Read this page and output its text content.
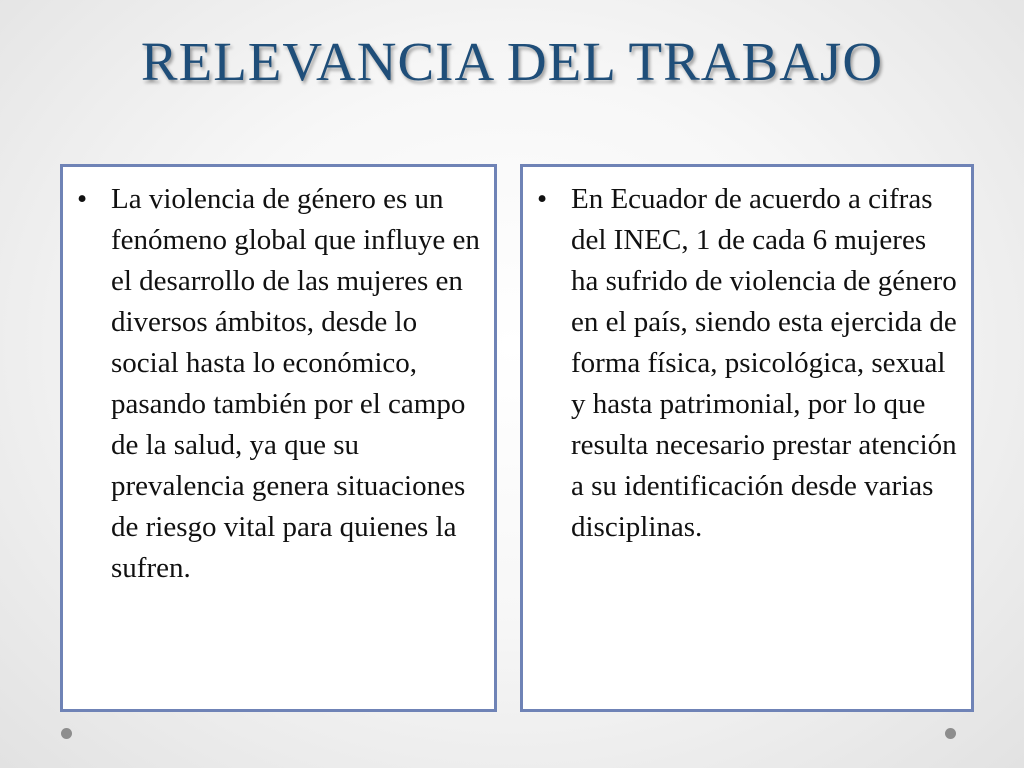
RELEVANCIA DEL TRABAJO
• La violencia de género es un fenómeno global que influye en el desarrollo de las mujeres en diversos ámbitos, desde lo social hasta lo económico, pasando también por el campo de la salud, ya que su prevalencia genera situaciones de riesgo vital para quienes la sufren.
• En Ecuador de acuerdo a cifras del INEC, 1 de cada 6 mujeres ha sufrido de violencia de género en el país, siendo esta ejercida de forma física, psicológica, sexual y hasta patrimonial, por lo que resulta necesario prestar atención a su identificación desde varias disciplinas.
